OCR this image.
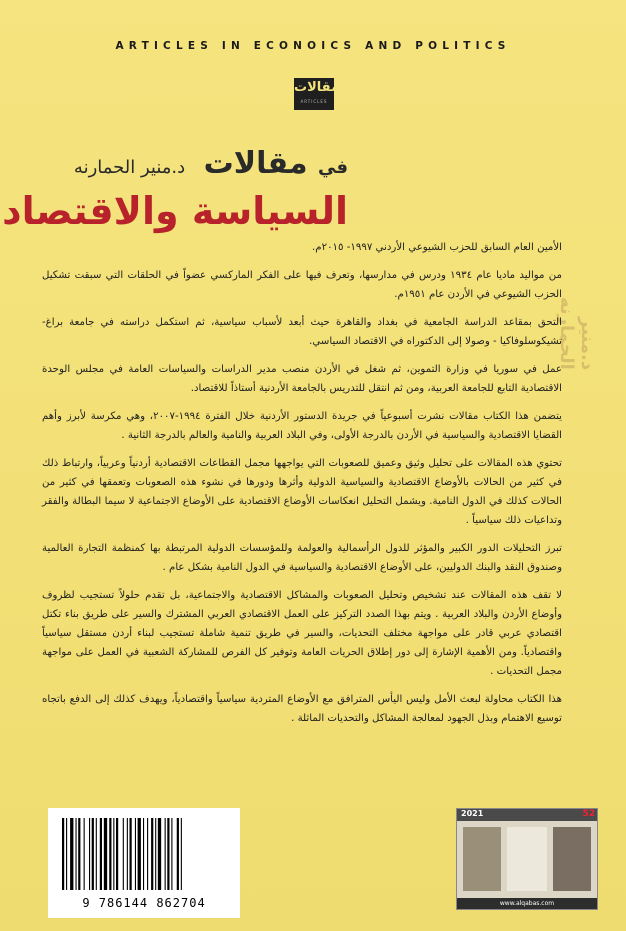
ARTICLES IN ECONOICS AND POLITICS
مقالات
ARTICLES
في مقالات د.منير الحمارنه
السياسة والاقتصاد
د.منير الحمارنه

الأمين العام السابق للحزب الشيوعي الأردني ١٩٩٧- ٢٠١٥م.

من مواليد ماديا عام ١٩٣٤ ودرس في مدارسها، وتعرف فيها على الفكر الماركسي عضواً في الحلقات التي سبقت تشكيل الحزب الشيوعي في الأردن عام ١٩٥١م.

التحق بمقاعد الدراسة الجامعية في بغداد والقاهرة حيث أبعد لأسباب سياسية، ثم استكمل دراسته في جامعة براغ- تشيكوسلوفاكيا - وصولا إلى الدكتوراه في الاقتصاد السياسي.

عمل في سوريا في وزارة التموين، ثم شغل في الأردن منصب مدير الدراسات والسياسات العامة في مجلس الوحدة الاقتصادية التابع للجامعة العربية، ومن ثم انتقل للتدريس بالجامعة الأردنية أستاذاً للاقتصاد.

يتضمن هذا الكتاب مقالات نشرت أسبوعياً في جريدة الدستور الأردنية خلال الفترة ١٩٩٤-٢٠٠٧، وهي مكرسة لأبرز وأهم القضايا الاقتصادية والسياسية في الأردن بالدرجة الأولى، وفي البلاد العربية والنامية والعالم بالدرجة الثانية .

تحتوي هذه المقالات على تحليل وثيق وعميق للصعوبات التي يواجهها مجمل القطاعات الاقتصادية أردنياً وعربياً، وارتباط ذلك في كثير من الحالات بالأوضاع الاقتصادية والسياسية الدولية وأثرها ودورها في نشوء هذه الصعوبات وتعمقها في كثير من الحالات كذلك في الدول النامية. ويشمل التحليل انعكاسات الأوضاع الاقتصادية على الأوضاع الاجتماعية لا سيما البطالة والفقر وتداعيات ذلك سياسياً .

تبرز التحليلات الدور الكبير والمؤثر للدول الرأسمالية والعولمة وللمؤسسات الدولية المرتبطة بها كمنظمة التجارة العالمية وصندوق النقد والبنك الدوليين، على الأوضاع الاقتصادية والسياسية في الدول النامية بشكل عام .

لا تقف هذه المقالات عند تشخيص وتحليل الصعوبات والمشاكل الاقتصادية والاجتماعية، بل تقدم حلولاً تستجيب لظروف وأوضاع الأردن والبلاد العربية . ويتم بهذا الصدد التركيز على العمل الاقتصادي العربي المشترك والسير على طريق بناء تكتل اقتصادي عربي قادر على مواجهة مختلف التحديات، والسير في طريق تنمية شاملة تستجيب لبناء أردن مستقل سياسياً واقتصادياً. ومن الأهمية الإشارة إلى دور إطلاق الحريات العامة وتوفير كل الفرص للمشاركة الشعبية في العمل على مواجهة مجمل التحديات .

هذا الكتاب محاولة لبعث الأمل وليس اليأس المترافق مع الأوضاع المتردية سياسياً واقتصادياً، ويهدف كذلك إلى الدفع باتجاه توسيع الاهتمام وبذل الجهود لمعالجة المشاكل والتحديات الماثلة .

9 786144 862704
2021	52
www.alqabas.com
